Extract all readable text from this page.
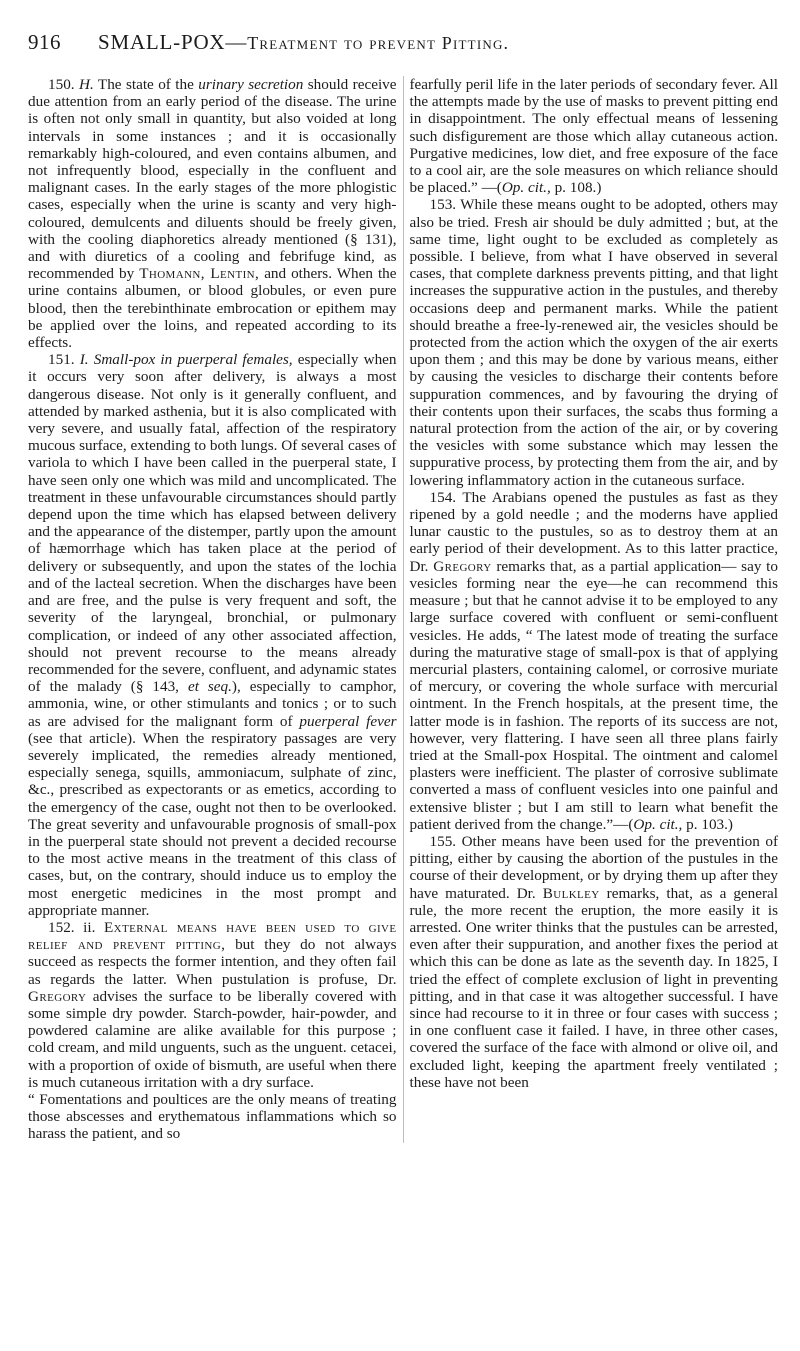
916	SMALL-POX—Treatment to prevent Pitting.

150. H. The state of the urinary secretion should receive due attention from an early period of the disease. The urine is often not only small in quantity, but also voided at long intervals in some instances ; and it is occasionally remarkably high-coloured, and even contains albumen, and not infrequently blood, especially in the confluent and malignant cases. In the early stages of the more phlogistic cases, especially when the urine is scanty and very high-coloured, demulcents and diluents should be freely given, with the cooling diaphoretics already mentioned (§ 131), and with diuretics of a cooling and febrifuge kind, as recommended by Thomann, Lentin, and others. When the urine contains albumen, or blood globules, or even pure blood, then the terebinthinate embrocation or epithem may be applied over the loins, and repeated according to its effects.

151. I. Small-pox in puerperal females, especially when it occurs very soon after delivery, is always a most dangerous disease. Not only is it generally confluent, and attended by marked asthenia, but it is also complicated with very severe, and usually fatal, affection of the respiratory mucous surface, extending to both lungs. Of several cases of variola to which I have been called in the puerperal state, I have seen only one which was mild and uncomplicated. The treatment in these unfavourable circumstances should partly depend upon the time which has elapsed between delivery and the appearance of the distemper, partly upon the amount of hæmorrhage which has taken place at the period of delivery or subsequently, and upon the states of the lochia and of the lacteal secretion. When the discharges have been and are free, and the pulse is very frequent and soft, the severity of the laryngeal, bronchial, or pulmonary complication, or indeed of any other associated affection, should not prevent recourse to the means already recommended for the severe, confluent, and adynamic states of the malady (§ 143, et seq.), especially to camphor, ammonia, wine, or other stimulants and tonics ; or to such as are advised for the malignant form of puerperal fever (see that article). When the respiratory passages are very severely implicated, the remedies already mentioned, especially senega, squills, ammoniacum, sulphate of zinc, &c., prescribed as expectorants or as emetics, according to the emergency of the case, ought not then to be overlooked. The great severity and unfavourable prognosis of small-pox in the puerperal state should not prevent a decided recourse to the most active means in the treatment of this class of cases, but, on the contrary, should induce us to employ the most energetic medicines in the most prompt and appropriate manner.

152. ii. External means have been used to give relief and prevent pitting, but they do not always succeed as respects the former intention, and they often fail as regards the latter. When pustulation is profuse, Dr. Gregory advises the surface to be liberally covered with some simple dry powder. Starch-powder, hair-powder, and powdered calamine are alike available for this purpose ; cold cream, and mild unguents, such as the unguent. cetacei, with a proportion of oxide of bismuth, are useful when there is much cutaneous irritation with a dry surface.

“ Fomentations and poultices are the only means of treating those abscesses and erythematous inflammations which so harass the patient, and so

fearfully peril life in the later periods of secondary fever. All the attempts made by the use of masks to prevent pitting end in disappointment. The only effectual means of lessening such disfigurement are those which allay cutaneous action. Purgative medicines, low diet, and free exposure of the face to a cool air, are the sole measures on which reliance should be placed.” —(Op. cit., p. 108.)

153. While these means ought to be adopted, others may also be tried. Fresh air should be duly admitted ; but, at the same time, light ought to be excluded as completely as possible. I believe, from what I have observed in several cases, that complete darkness prevents pitting, and that light increases the suppurative action in the pustules, and thereby occasions deep and permanent marks. While the patient should breathe a free-ly-renewed air, the vesicles should be protected from the action which the oxygen of the air exerts upon them ; and this may be done by various means, either by causing the vesicles to discharge their contents before suppuration commences, and by favouring the drying of their contents upon their surfaces, the scabs thus forming a natural protection from the action of the air, or by covering the vesicles with some substance which may lessen the suppurative process, by protecting them from the air, and by lowering inflammatory action in the cutaneous surface.

154. The Arabians opened the pustules as fast as they ripened by a gold needle ; and the moderns have applied lunar caustic to the pustules, so as to destroy them at an early period of their development. As to this latter practice, Dr. Gregory remarks that, as a partial application— say to vesicles forming near the eye—he can recommend this measure ; but that he cannot advise it to be employed to any large surface covered with confluent or semi-confluent vesicles. He adds, “ The latest mode of treating the surface during the maturative stage of small-pox is that of applying mercurial plasters, containing calomel, or corrosive muriate of mercury, or covering the whole surface with mercurial ointment. In the French hospitals, at the present time, the latter mode is in fashion. The reports of its success are not, however, very flattering. I have seen all three plans fairly tried at the Small-pox Hospital. The ointment and calomel plasters were inefficient. The plaster of corrosive sublimate converted a mass of confluent vesicles into one painful and extensive blister ; but I am still to learn what benefit the patient derived from the change.”—(Op. cit., p. 103.)

155. Other means have been used for the prevention of pitting, either by causing the abortion of the pustules in the course of their development, or by drying them up after they have maturated. Dr. Bulkley remarks, that, as a general rule, the more recent the eruption, the more easily it is arrested. One writer thinks that the pustules can be arrested, even after their suppuration, and another fixes the period at which this can be done as late as the seventh day. In 1825, I tried the effect of complete exclusion of light in preventing pitting, and in that case it was altogether successful. I have since had recourse to it in three or four cases with success ; in one confluent case it failed. I have, in three other cases, covered the surface of the face with almond or olive oil, and excluded light, keeping the apartment freely ventilated ; these have not been
